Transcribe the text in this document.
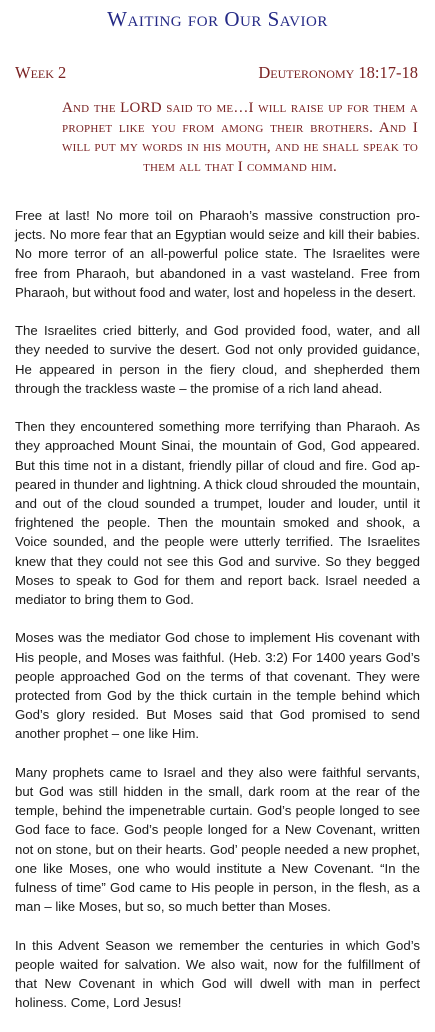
Waiting for Our Savior
Week 2	Deuteronomy 18:17-18
And the LORD said to me…I will raise up for them a prophet like you from among their brothers. And I will put my words in his mouth, and he shall speak to them all that I command him.

Free at last! No more toil on Pharaoh’s massive construction projects. No more fear that an Egyptian would seize and kill their babies. No more terror of an all-powerful police state. The Israelites were free from Pharaoh, but abandoned in a vast wasteland. Free from Pharaoh, but without food and water, lost and hopeless in the desert.

The Israelites cried bitterly, and God provided food, water, and all they needed to survive the desert. God not only provided guidance, He appeared in person in the fiery cloud, and shepherded them through the trackless waste – the promise of a rich land ahead.

Then they encountered something more terrifying than Pharaoh. As they approached Mount Sinai, the mountain of God, God appeared. But this time not in a distant, friendly pillar of cloud and fire. God appeared in thunder and lightning. A thick cloud shrouded the mountain, and out of the cloud sounded a trumpet, louder and louder, until it frightened the people. Then the mountain smoked and shook, a Voice sounded, and the people were utterly terrified. The Israelites knew that they could not see this God and survive. So they begged Moses to speak to God for them and report back. Israel needed a mediator to bring them to God.

Moses was the mediator God chose to implement His covenant with His people, and Moses was faithful. (Heb. 3:2) For 1400 years God’s people approached God on the terms of that covenant. They were protected from God by the thick curtain in the temple behind which God’s glory resided. But Moses said that God promised to send another prophet – one like Him.

Many prophets came to Israel and they also were faithful servants, but God was still hidden in the small, dark room at the rear of the temple, behind the impenetrable curtain. God’s people longed to see God face to face. God’s people longed for a New Covenant, written not on stone, but on their hearts. God’ people needed a new prophet, one like Moses, one who would institute a New Covenant. “In the fulness of time” God came to His people in person, in the flesh, as a man – like Moses, but so, so much better than Moses.

In this Advent Season we remember the centuries in which God’s people waited for salvation. We also wait, now for the fulfillment of that New Covenant in which God will dwell with man in perfect holiness. Come, Lord Jesus!
